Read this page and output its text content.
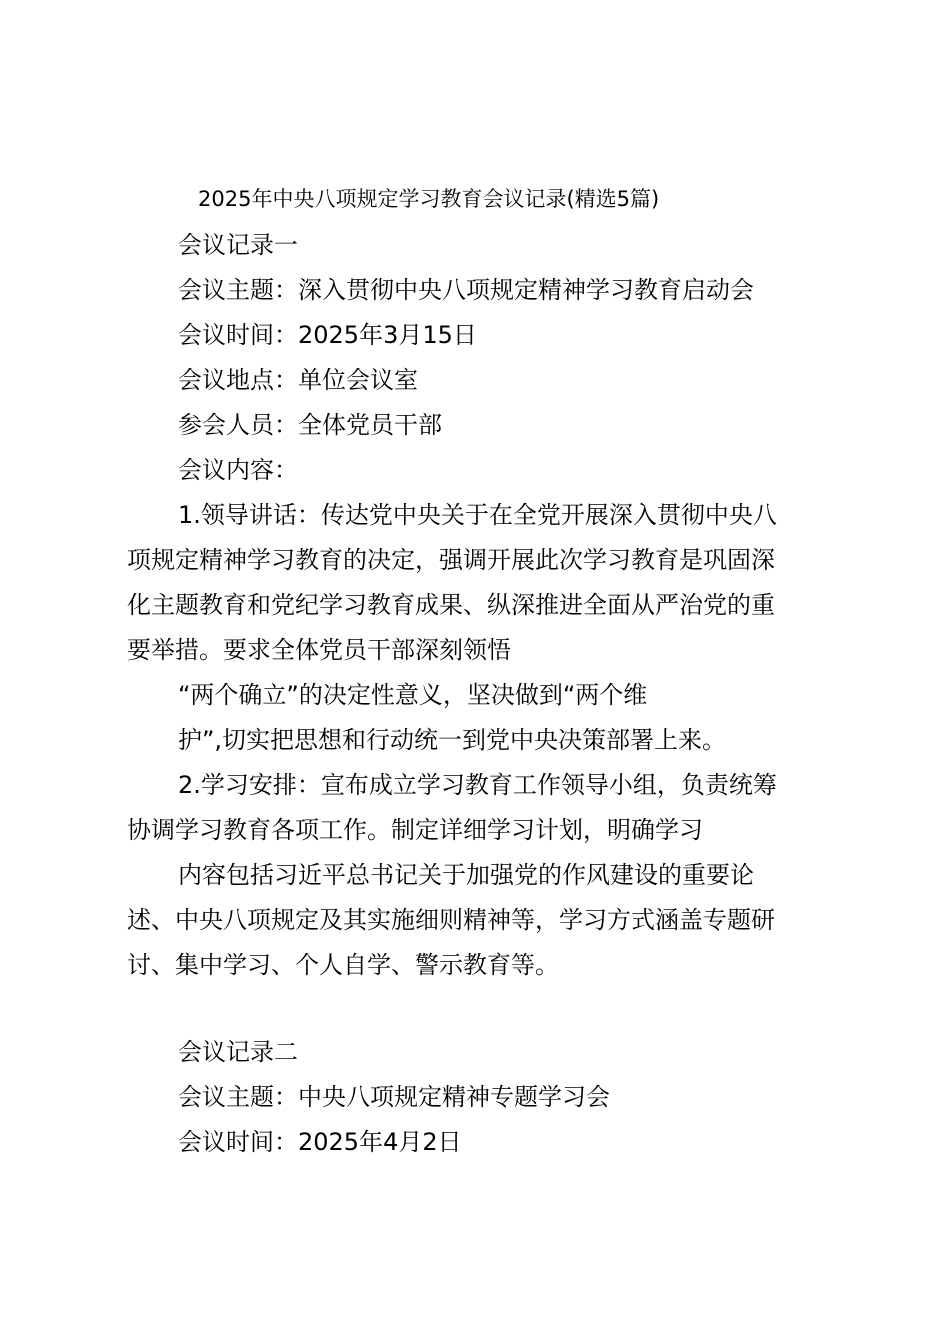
2025年中央八项规定学习教育会议记录(精选5篇)
会议记录一
会议主题：深入贯彻中央八项规定精神学习教育启动会
会议时间：2025年3月15日
会议地点：单位会议室
参会人员：全体党员干部
会议内容：
1.领导讲话：传达党中央关于在全党开展深入贯彻中央八
项规定精神学习教育的决定，强调开展此次学习教育是巩固深
化主题教育和党纪学习教育成果、纵深推进全面从严治党的重
要举措。要求全体党员干部深刻领悟
“两个确立”的决定性意义，坚决做到“两个维
护”,切实把思想和行动统一到党中央决策部署上来。
2.学习安排：宣布成立学习教育工作领导小组，负责统筹
协调学习教育各项工作。制定详细学习计划，明确学习
内容包括习近平总书记关于加强党的作风建设的重要论
述、中央八项规定及其实施细则精神等，学习方式涵盖专题研
讨、集中学习、个人自学、警示教育等。
会议记录二
会议主题：中央八项规定精神专题学习会
会议时间：2025年4月2日
